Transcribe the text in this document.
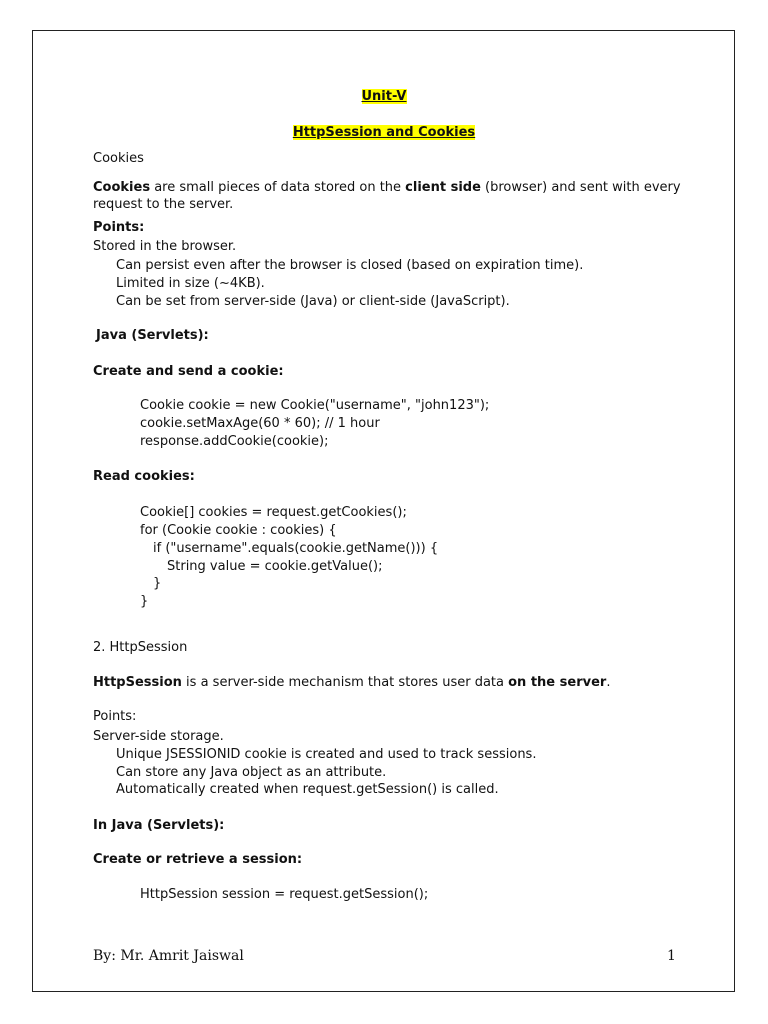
Unit-V
HttpSession and Cookies
Cookies
Cookies are small pieces of data stored on the client side (browser) and sent with every
request to the server.
Points:
Stored in the browser.
Can persist even after the browser is closed (based on expiration time).
Limited in size (~4KB).
Can be set from server-side (Java) or client-side (JavaScript).
Java (Servlets):
Create and send a cookie:
Cookie cookie = new Cookie("username", "john123");
cookie.setMaxAge(60 * 60); // 1 hour
response.addCookie(cookie);
Read cookies:
Cookie[] cookies = request.getCookies();
for (Cookie cookie : cookies) {
if ("username".equals(cookie.getName())) {
String value = cookie.getValue();
}
}
2. HttpSession
HttpSession is a server-side mechanism that stores user data on the server.
Points:
Server-side storage.
Unique JSESSIONID cookie is created and used to track sessions.
Can store any Java object as an attribute.
Automatically created when request.getSession() is called.
In Java (Servlets):
Create or retrieve a session:
HttpSession session = request.getSession();
By: Mr. Amrit Jaiswal	1
